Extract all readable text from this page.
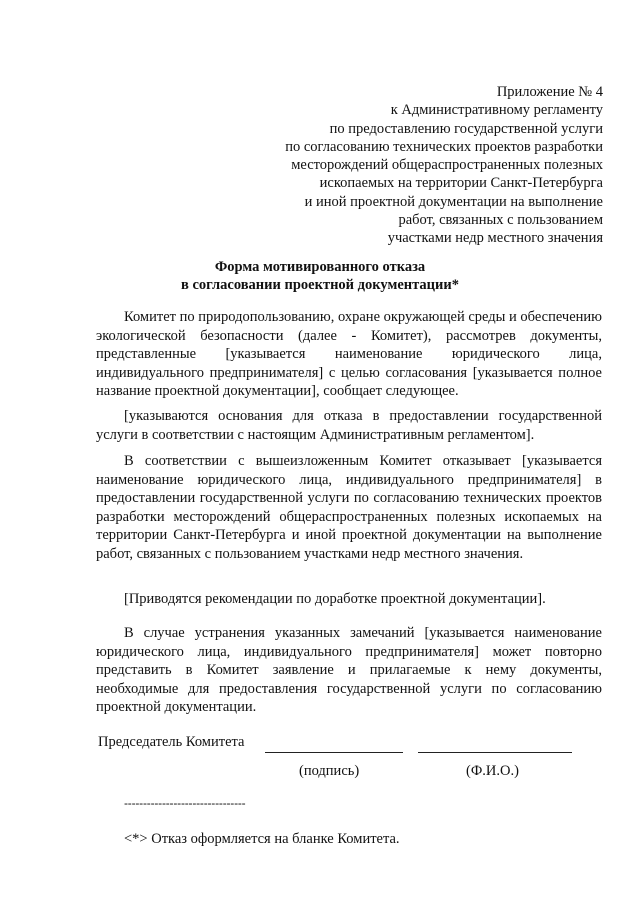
Приложение № 4
к Административному регламенту
по предоставлению государственной услуги
по согласованию технических проектов разработки
месторождений общераспространенных полезных
ископаемых на территории Санкт-Петербурга
и иной проектной документации на выполнение
работ, связанных с пользованием
участками недр местного значения
Форма мотивированного отказа
в согласовании проектной документации*

Комитет по природопользованию, охране окружающей среды и обеспечению экологической безопасности (далее - Комитет), рассмотрев документы, представленные [указывается наименование юридического лица, индивидуального предпринимателя] с целью согласования [указывается полное название проектной документации], сообщает следующее.

[указываются основания для отказа в предоставлении государственной услуги в соответствии с настоящим Административным регламентом].

В соответствии с вышеизложенным Комитет отказывает [указывается наименование юридического лица, индивидуального предпринимателя] в предоставлении государственной услуги по согласованию технических проектов разработки месторождений общераспространенных полезных ископаемых на территории Санкт-Петербурга и иной проектной документации на выполнение работ, связанных с пользованием участками недр местного значения.

[Приводятся рекомендации по доработке проектной документации].

В случае устранения указанных замечаний [указывается наименование юридического лица, индивидуального предпринимателя] может повторно представить в Комитет заявление и прилагаемые к нему документы, необходимые для предоставления государственной услуги по согласованию проектной документации.

Председатель Комитета
(подпись)	(Ф.И.О.)
--------------------------------
<*> Отказ оформляется на бланке Комитета.
